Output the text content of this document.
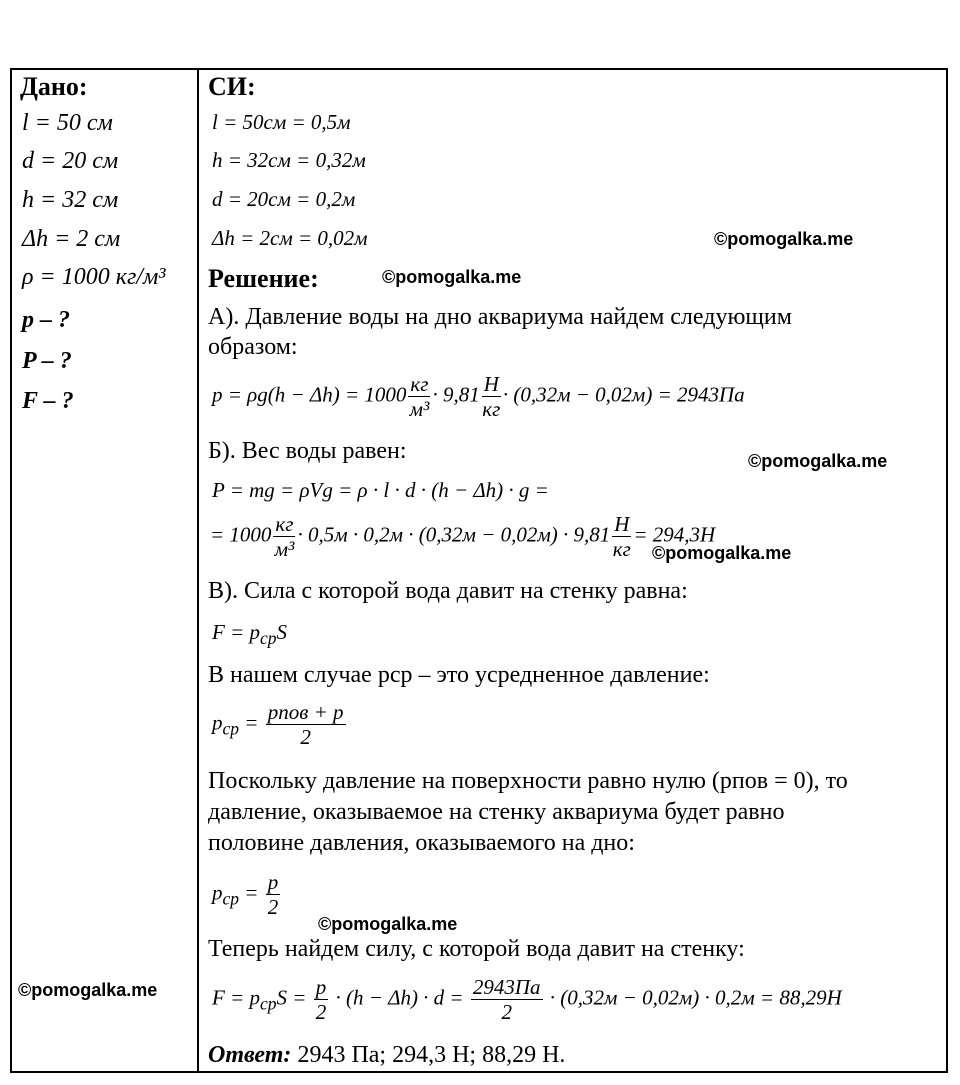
Дано:
l = 50 см
d = 20 см
h = 32 см
Δh = 2 см
ρ = 1000 кг/м³
p – ?
P – ?
F – ?
©pomogalka.me
СИ:
l = 50см = 0,5м
h = 32см = 0,32м
d = 20см = 0,2м
Δh = 2см = 0,02м	©pomogalka.me
Решение:	©pomogalka.me
А). Давление воды на дно аквариума найдем следующим
образом:
$p = \rho g(h - \Delta h) = 1000 \frac{кг}{\text{м³}} \cdot 9,81 \frac{Н}{кг} \cdot (0,32м - 0,02м) = 2943Па$
Б). Вес воды равен:	©pomogalka.me
P = mg = ρVg = ρ · l · d · (h − Δh) · g =
= $1000 \frac{кг}{\text{м³}} \cdot 0,5м \cdot 0,2м \cdot (0,32м - 0,02м) \cdot 9,81 \frac{Н}{кг} = 294,3Н$
©pomogalka.me
В). Сила с которой вода давит на стенку равна:
$F = p_{ср}S$
В нашем случае pср – это усредненное давление:
$p_{ср} = \frac{\text{pпов + p}}{2}$
Поскольку давление на поверхности равно нулю (pпов = 0), то
давление, оказываемое на стенку аквариума будет равно
половине давления, оказываемого на дно:
$p_{ср} = \frac{p}{2}$
©pomogalka.me
Теперь найдем силу, с которой вода давит на стенку:
$F = p_{ср}S = \frac{p}{2} \cdot (h - \Delta h) \cdot d = \frac{2943Па}{2} \cdot (0,32м - 0,02м) \cdot 0,2м = 88,29Н$
Ответ: 2943 Па; 294,3 Н; 88,29 Н.
